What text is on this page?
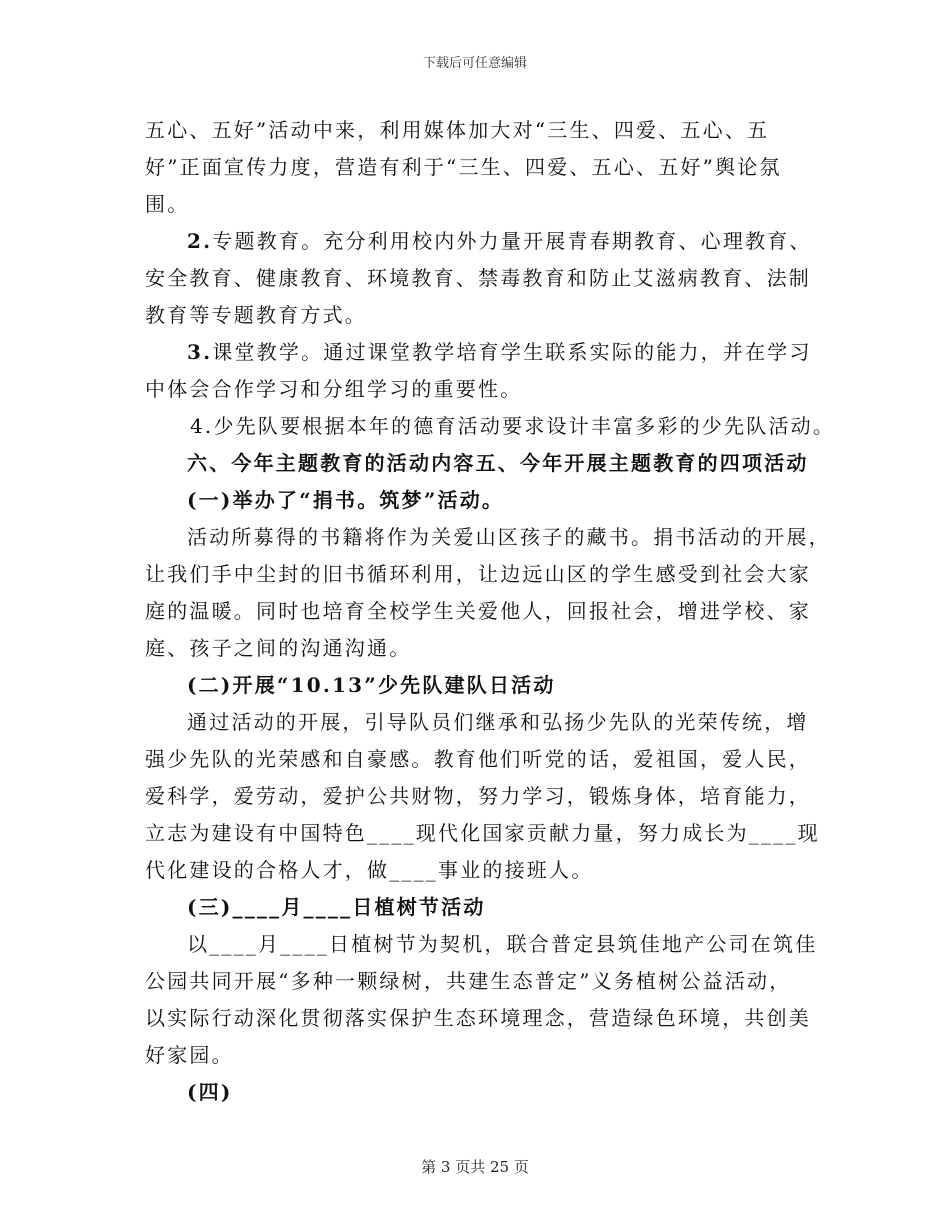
下载后可任意编辑
五心、五好”活动中来，利用媒体加大对“三生、四爱、五心、五
好”正面宣传力度，营造有利于“三生、四爱、五心、五好”舆论氛
围。
2.专题教育。充分利用校内外力量开展青春期教育、心理教育、
安全教育、健康教育、环境教育、禁毒教育和防止艾滋病教育、法制
教育等专题教育方式。
3.课堂教学。通过课堂教学培育学生联系实际的能力，并在学习
中体会合作学习和分组学习的重要性。
4.少先队要根据本年的德育活动要求设计丰富多彩的少先队活动。
六、今年主题教育的活动内容五、今年开展主题教育的四项活动
(一)举办了“捐书。筑梦”活动。
活动所募得的书籍将作为关爱山区孩子的藏书。捐书活动的开展，
让我们手中尘封的旧书循环利用，让边远山区的学生感受到社会大家
庭的温暖。同时也培育全校学生关爱他人，回报社会，增进学校、家
庭、孩子之间的沟通沟通。
(二)开展“10.13”少先队建队日活动
通过活动的开展，引导队员们继承和弘扬少先队的光荣传统，增
强少先队的光荣感和自豪感。教育他们听党的话，爱祖国，爱人民，
爱科学，爱劳动，爱护公共财物，努力学习，锻炼身体，培育能力，
立志为建设有中国特色____现代化国家贡献力量，努力成长为____现
代化建设的合格人才，做____事业的接班人。
(三)____月____日植树节活动
以____月____日植树节为契机，联合普定县筑佳地产公司在筑佳
公园共同开展“多种一颗绿树，共建生态普定”义务植树公益活动，
以实际行动深化贯彻落实保护生态环境理念，营造绿色环境，共创美
好家园。
(四)
第 3 页共 25 页
